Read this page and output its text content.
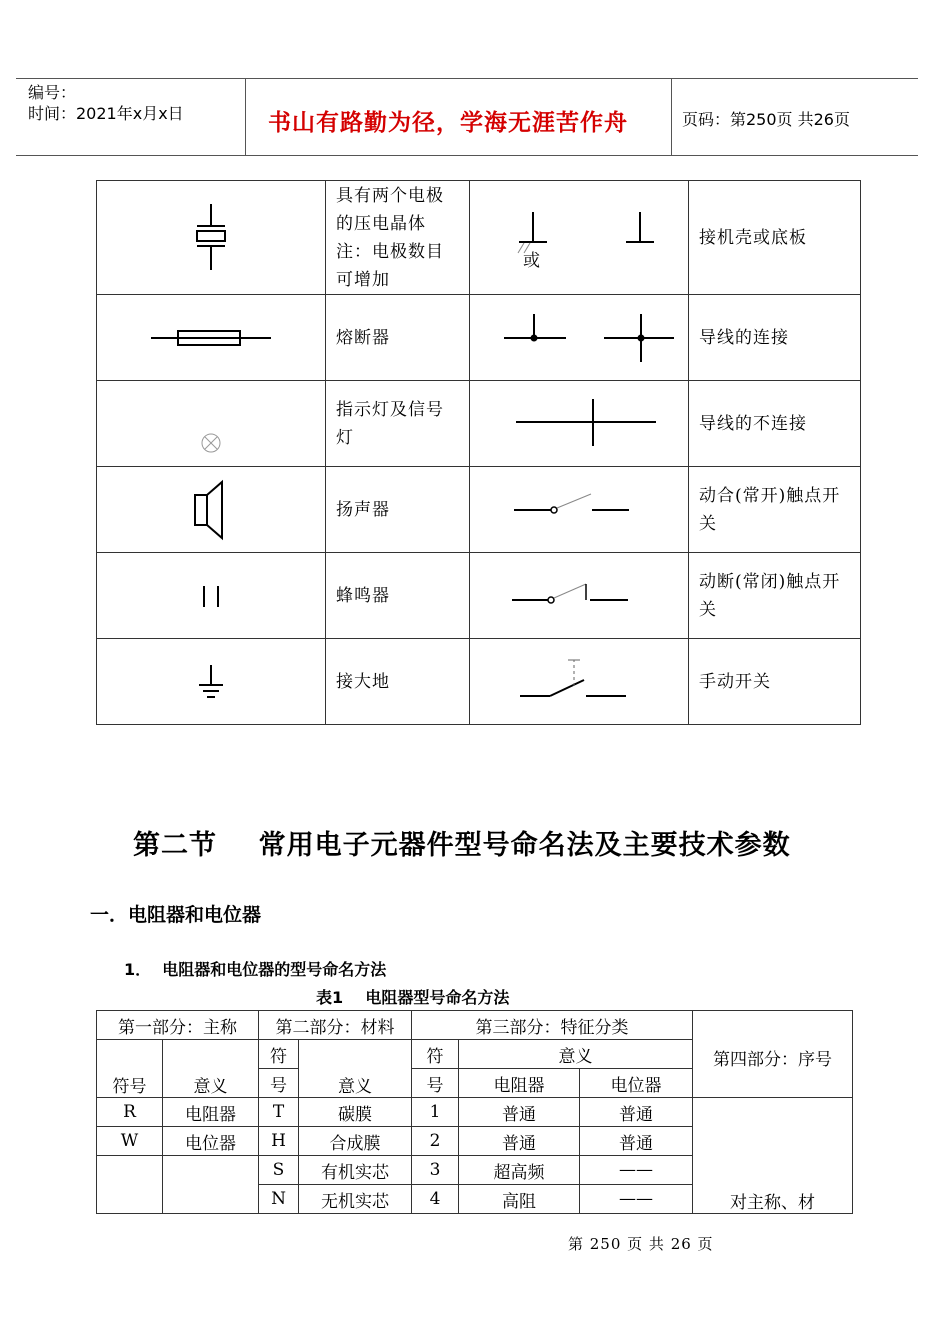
编号：
时间：2021年x月x日	书山有路勤为径，学海无涯苦作舟	页码：第250页 共26页
	具有两个电极的压电晶体注：电极数目可增加	或	接机壳或底板

	熔断器		导线的连接

	指示灯及信号灯		导线的不连接

	扬声器		动合(常开)触点开关

	蜂鸣器		动断(常闭)触点开关

	接大地		手动开关
第二节    常用电子元器件型号命名法及主要技术参数
一．电阻器和电位器
1．  电阻器和电位器的型号命名方法
表1    电阻器型号命名方法
第一部分：主称		第二部分：材料		第三部分：特征分类			第四部分：序号
符号	意义	符	意义	符	意义		
		号		号	电阻器	电位器	
R	电阻器	T	碳膜	1	普通	普通	对主称、材
W	电位器	H	合成膜	2	普通	普通	
		S	有机实芯	3	超高频	——	
		N	无机实芯	4	高阻	——	
第 250 页 共 26 页
